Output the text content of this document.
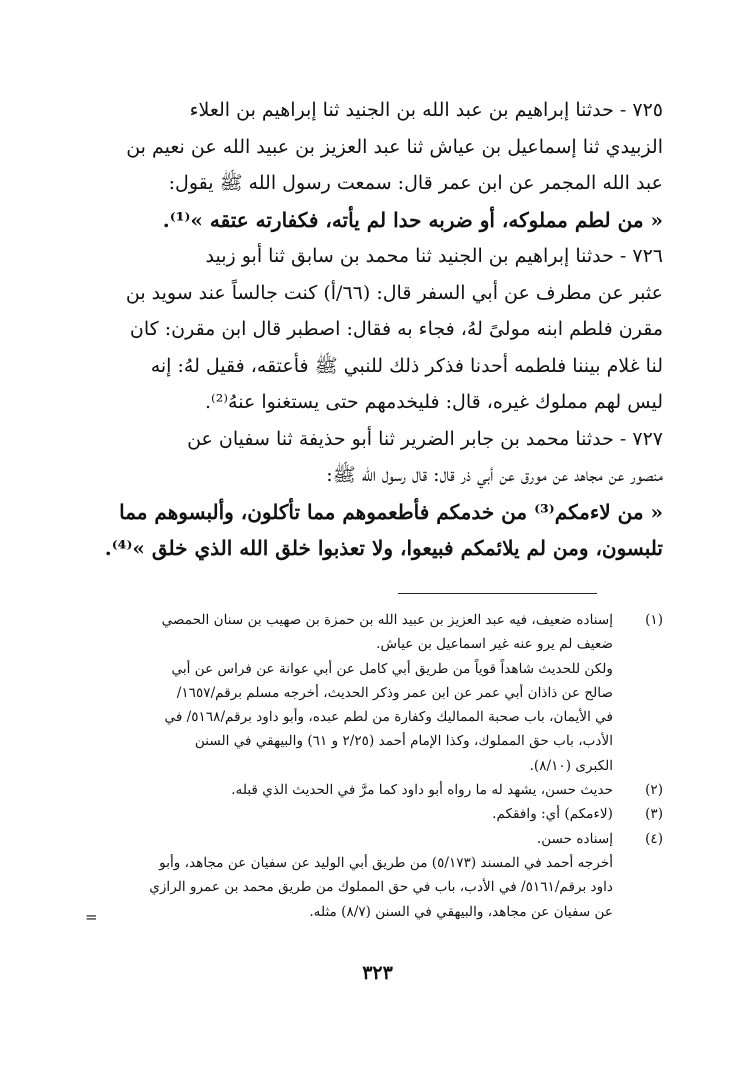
٧٢٥ - حدثنا إبراهيم بن عبد الله بن الجنيد ثنا إبراهيم بن العلاء

الزبيدي ثنا إسماعيل بن عياش ثنا عبد العزيز بن عبيد الله عن نعيم بن

عبد الله المجمر عن ابن عمر قال: سمعت رسول الله ﷺ يقول:

« من لطم مملوكه، أو ضربه حدا لم يأته، فكفارته عتقه »⁽¹⁾.

٧٢٦ - حدثنا إبراهيم بن الجنيد ثنا محمد بن سابق ثنا أبو زبيد

عثبر عن مطرف عن أبي السفر قال: (٦٦/أ) كنت جالساً عند سويد بن

مقرن فلطم ابنه مولىً لهُ، فجاء به فقال: اصطبر قال ابن مقرن: كان

لنا غلام بيننا فلطمه أحدنا فذكر ذلك للنبي ﷺ فأعتقه، فقيل لهُ: إنه

ليس لهم مملوك غيره، قال: فليخدمهم حتى يستغنوا عنهُ⁽²⁾.

٧٢٧ - حدثنا محمد بن جابر الضرير ثنا أبو حذيفة ثنا سفيان عن

منصور عن مجاهد عن مورق عن أبي ذر قال: قال رسول الله ﷺ:

« من لاءمكم⁽³⁾ من خدمكم فأطعموهم مما تأكلون، وألبسوهم مما

تلبسون، ومن لم يلائمكم فبيعوا، ولا تعذبوا خلق الله الذي خلق »⁽⁴⁾.

(١)
إسناده ضعيف، فيه عبد العزيز بن عبيد الله بن حمزة بن صهيب بن سنان الحمصي
ضعيف لم يرو عنه غير اسماعيل بن عياش.
ولكن للحديث شاهداً قوياً من طريق أبي كامل عن أبي عوانة عن فراس عن أبي
صالح عن ذاذان أبي عمر عن ابن عمر وذكر الحديث، أخرجه مسلم برقم/١٦٥٧/
في الأيمان، باب صحبة المماليك وكفارة من لطم عبده، وأبو داود برقم/٥١٦٨/ في
الأدب، باب حق المملوك، وكذا الإمام أحمد (٢/٢٥ و ٦١) والبيهقي في السنن
الكبرى (٨/١٠).
(٢)
حديث حسن، يشهد له ما رواه أبو داود كما مرَّ في الحديث الذي قبله.
(٣)
(لاءمكم) أي: وافقكم.
(٤)
إسناده حسن.
أخرجه أحمد في المسند (٥/١٧٣) من طريق أبي الوليد عن سفيان عن مجاهد، وأبو
داود برقم/٥١٦١/ في الأدب، باب في حق المملوك من طريق محمد بن عمرو الرازي
عن سفيان عن مجاهد، والبيهقي في السنن (٨/٧) مثله.
=
٣٢٣
